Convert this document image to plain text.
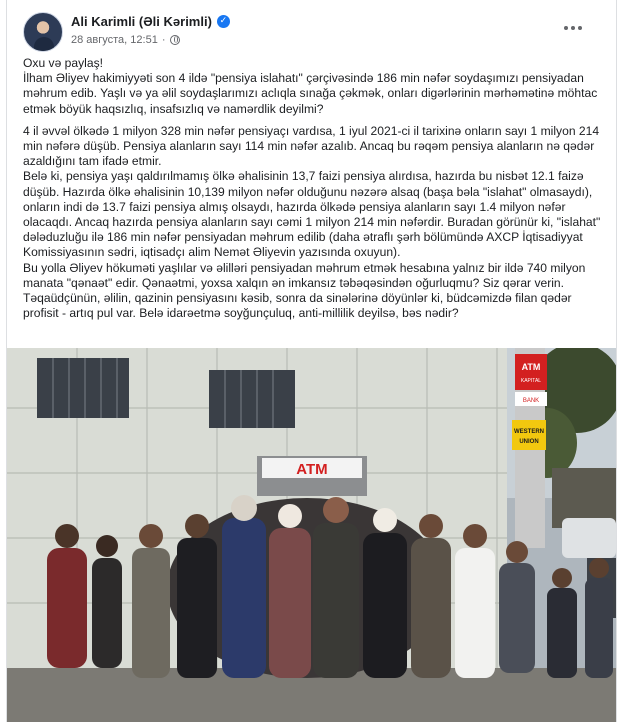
Ali Karimli (Əli Kərimli) ✓
28 августа, 12:51 ·

Oxu və paylaş!

İlham Əliyev hakimiyyəti son 4 ildə "pensiya islahatı" çərçivəsində 186 min nəfər soydaşımızı pensiyadan məhrum edib. Yaşlı və ya əlil soydaşlarımızı aclıqla sınağa çəkmək, onları digərlərinin mərhəmətinə möhtac etmək böyük haqsızlıq, insafsızlıq və namərdlik deyilmi?

4 il əvvəl ölkədə 1 milyon 328 min nəfər pensiyaçı vardısa, 1 iyul 2021-ci il tarixinə onların sayı 1 milyon 214 min nəfərə düşüb. Pensiya alanların sayı 114 min nəfər azalıb. Ancaq bu rəqəm pensiya alanların nə qədər azaldığını tam ifadə etmir.

Belə ki, pensiya yaşı qaldırılmamış ölkə əhalisinin 13,7 faizi pensiya alırdısa, hazırda bu nisbət 12.1 faizə düşüb. Hazırda ölkə əhalisinin 10,139 milyon nəfər olduğunu nəzərə alsaq (başa bəla "islahat" olmasaydı), onların indi də 13.7 faizi pensiya almış olsaydı, hazırda ölkədə pensiya alanların sayı 1.4 milyon nəfər olacaqdı. Ancaq hazırda pensiya alanların sayı cəmi 1 milyon 214 min nəfərdir. Buradan görünür ki, "islahat" dələduzluğu ilə 186 min nəfər pensiyadan məhrum edilib (daha ətraflı şərh bölümündə AXCP İqtisadiyyat Komissiyasının sədri, iqtisadçı alim Nemət Əliyevin yazısında oxuyun).

Bu yolla Əliyev hökuməti yaşlılar və əlilləri pensiyadan məhrum etmək hesabına yalnız bir ildə 740 milyon manata "qənaət" edir. Qənaətmi, yoxsa xalqın ən imkansız təbəqəsindən oğurluqmu? Siz qərar verin. Təqaüdçünün, əlilin, qazinin pensiyasını kəsib, sonra da sinələrinə döyünlər ki, büdcəmizdə filan qədər profisit - artıq pul var. Belə idarəetmə soyğunçuluq, anti-millilik deyilsə, bəs nədir?

ATM
ATM
KAPITAL
BANK
WESTERN
UNION
